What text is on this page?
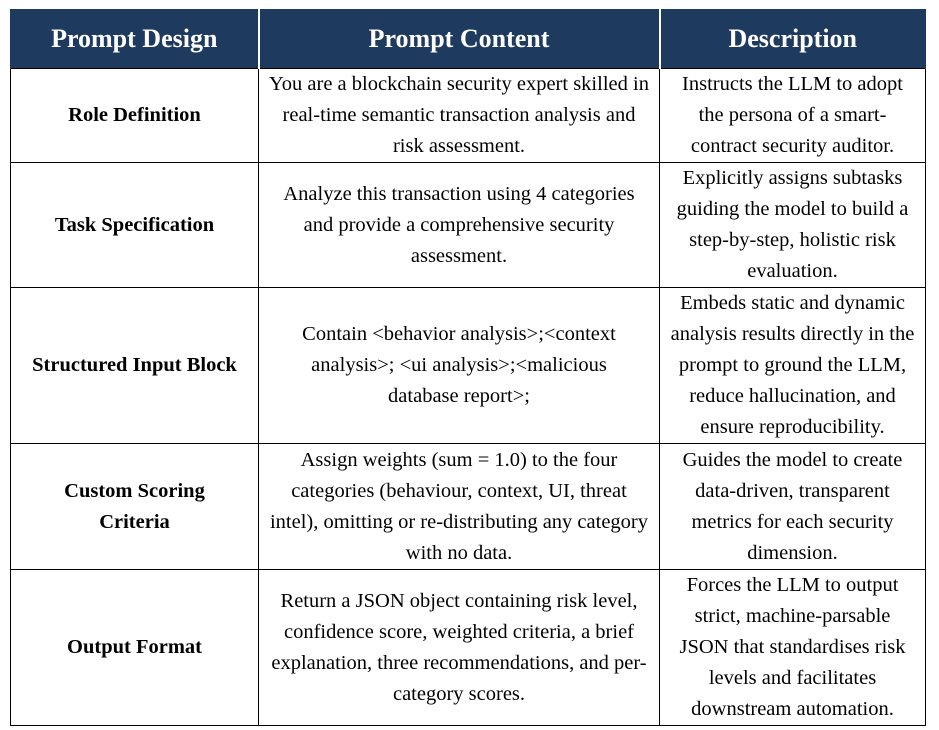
Prompt Design	Prompt Content	Description
Role Definition	You are a blockchain security expert skilled in real-time semantic transaction analysis and risk assessment.	Instructs the LLM to adopt the persona of a smart-contract security auditor.
Task Specification	Analyze this transaction using 4 categories and provide a comprehensive security assessment.	Explicitly assigns subtasks guiding the model to build a step-by-step, holistic risk evaluation.
Structured Input Block	Contain <behavior analysis>;<context analysis>; <ui analysis>;<malicious database report>;	Embeds static and dynamic analysis results directly in the prompt to ground the LLM, reduce hallucination, and ensure reproducibility.
Custom Scoring Criteria	Assign weights (sum = 1.0) to the four categories (behaviour, context, UI, threat intel), omitting or re-distributing any category with no data.	Guides the model to create data-driven, transparent metrics for each security dimension.
Output Format	Return a JSON object containing risk level, confidence score, weighted criteria, a brief explanation, three recommendations, and per-category scores.	Forces the LLM to output strict, machine-parsable JSON that standardises risk levels and facilitates downstream automation.
